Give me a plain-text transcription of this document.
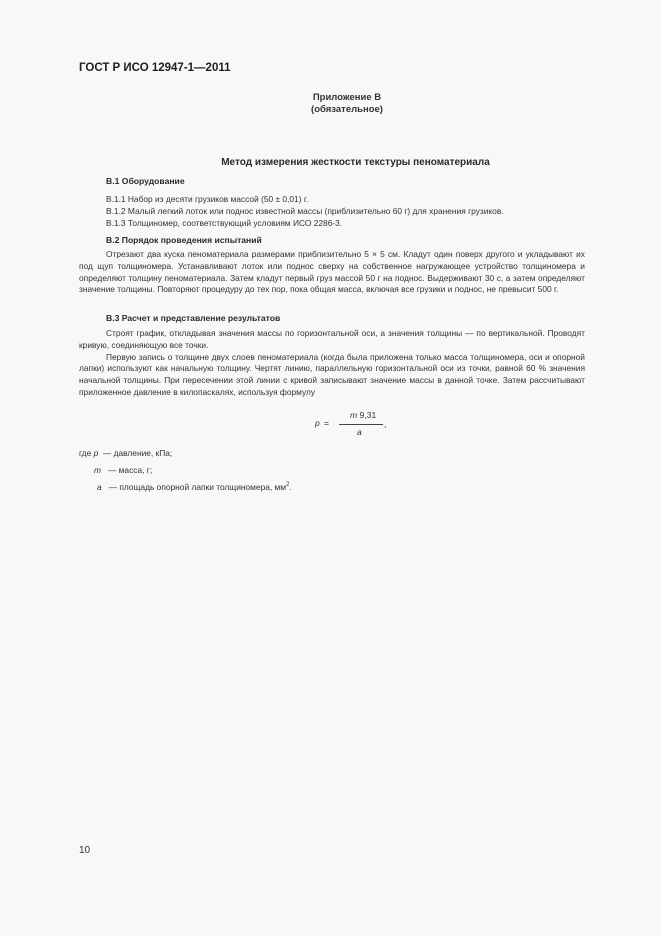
ГОСТ Р ИСО 12947-1—2011
Приложение В
(обязательное)
Метод измерения жесткости текстуры пеноматериала
В.1 Оборудование
В.1.1 Набор из десяти грузиков массой (50 ± 0,01) г.
В.1.2 Малый легкий лоток или поднос известной массы (приблизительно 60 г) для хранения грузиков.
В.1.3 Толщиномер, соответствующий условиям ИСО 2286-3.
В.2 Порядок проведения испытаний

Отрезают два куска пеноматериала размерами приблизительно 5 × 5 см. Кладут один поверх другого и укладывают их под щуп толщиномера. Устанавливают лоток или поднос сверху на собственное нагружающее устройство толщиномера и определяют толщину пеноматериала. Затем кладут первый груз массой 50 г на поднос. Выдерживают 30 с, а затем определяют значение толщины. Повторяют процедуру до тех пор, пока общая масса, включая все грузики и поднос, не превысит 500 г.

В.3 Расчет и представление результатов

Строят график, откладывая значения массы по горизонтальной оси, а значения толщины — по вертикальной. Проводят кривую, соединяющую все точки.

Первую запись о толщине двух слоев пеноматериала (когда была приложена только масса толщиномера, оси и опорной лапки) используют как начальную толщину. Чертят линию, параллельную горизонтальной оси из точки, равной 60 % значения начальной толщины. При пересечении этой линии с кривой записывают значение массы в данной точке. Затем рассчитывают приложенное давление в килопаскалях, используя формулу

p =
m 9,31
a
,
где p — давление, кПа;
m — масса, г;
a — площадь опорной лапки толщиномера, $мм^2$.
10
